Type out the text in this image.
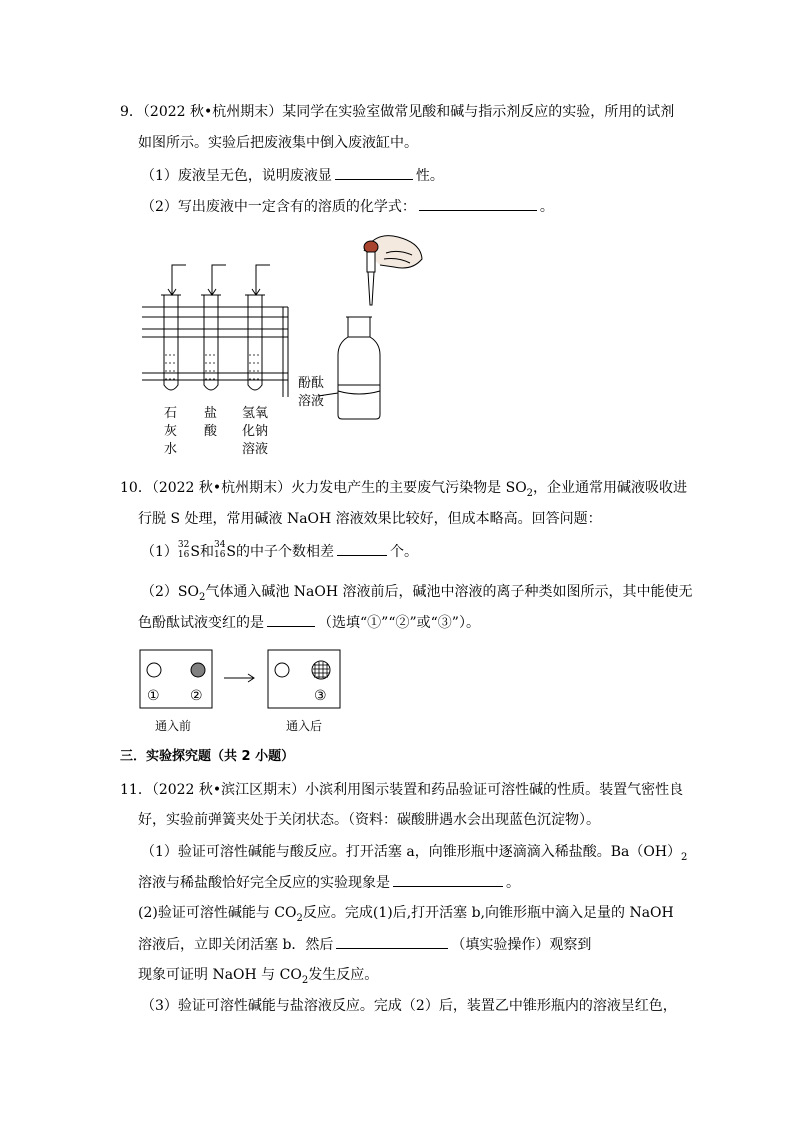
9．（2022 秋•杭州期末）某同学在实验室做常见酸和碱与指示剂反应的实验，所用的试剂
如图所示。实验后把废液集中倒入废液缸中。
（1）废液呈无色，说明废液显	性。
（2）写出废液中一定含有的溶质的化学式：	。
石
灰
水
盐
酸
氢氧
化钠
溶液
酚酞
溶液
10．（2022 秋•杭州期末）火力发电产生的主要废气污染物是 $SO_2$，企业通常用碱液吸收进
行脱 S 处理，常用碱液 NaOH 溶液效果比较好，但成本略高。回答问题：
（1） 32
16 S和 34
16 S的中子个数相差	个。
$(2)SO_2$气体通入碱池 NaOH 溶液前后，碱池中溶液的离子种类如图所示，其中能使无
色酚酞试液变红的是	（选填“①”“②”或“③”）。
① ②	③
通入前	通入后
三．实验探究题（共 2 小题）
11．（2022 秋•滨江区期末）小滨利用图示装置和药品验证可溶性碱的性质。装置气密性良
好，实验前弹簧夹处于关闭状态。（资料：碳酸肼遇水会出现蓝色沉淀物）。
（1）验证可溶性碱能与酸反应。打开活塞 a，向锥形瓶中逐滴滴入稀盐酸。$Ba(OH)_2$
溶液与稀盐酸恰好完全反应的实验现象是	。
(2)验证可溶性碱能与 $CO_2$反应。完成(1)后,打开活塞 b,向锥形瓶中滴入足量的 NaOH
溶液后，立即关闭活塞 b．然后	（填实验操作）观察到
现象可证明 NaOH 与 $CO_2$发生反应。
（3）验证可溶性碱能与盐溶液反应。完成（2）后，装置乙中锥形瓶内的溶液呈红色，
